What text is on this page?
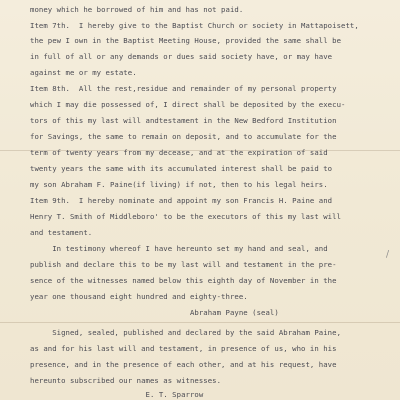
money which he borrowed of him and has not paid.
Item 7th.  I hereby give to the Baptist Church or society in Mattapoisett,
the pew I own in the Baptist Meeting House, provided the same shall be
in full of all or any demands or dues said society have, or may have
against me or my estate.
Item 8th.  All the rest,residue and remainder of my personal property
which I may die possessed of, I direct shall be deposited by the execu-
tors of this my last will andtestament in the New Bedford Institution
for Savings, the same to remain on deposit, and to accumulate for the
term of twenty years from my decease, and at the expiration of said
twenty years the same with its accumulated interest shall be paid to
my son Abraham F. Paine(if living) if not, then to his legal heirs.
Item 9th.  I hereby nominate and appoint my son Francis H. Paine and
Henry T. Smith of Middleboro' to be the executors of this my last will
and testament.
In testimony whereof I have hereunto set my hand and seal, and
publish and declare this to be my last will and testament in the pre-
sence of the witnesses named below this eighth day of November in the
year one thousand eight hundred and eighty-three.
Abraham Payne (seal)
Signed, sealed, published and declared by the said Abraham Paine,
as and for his last will and testament, in presence of us, who in his
presence, and in the presence of each other, and at his request, have
hereunto subscribed our names as witnesses.
E. T. Sparrow
/
